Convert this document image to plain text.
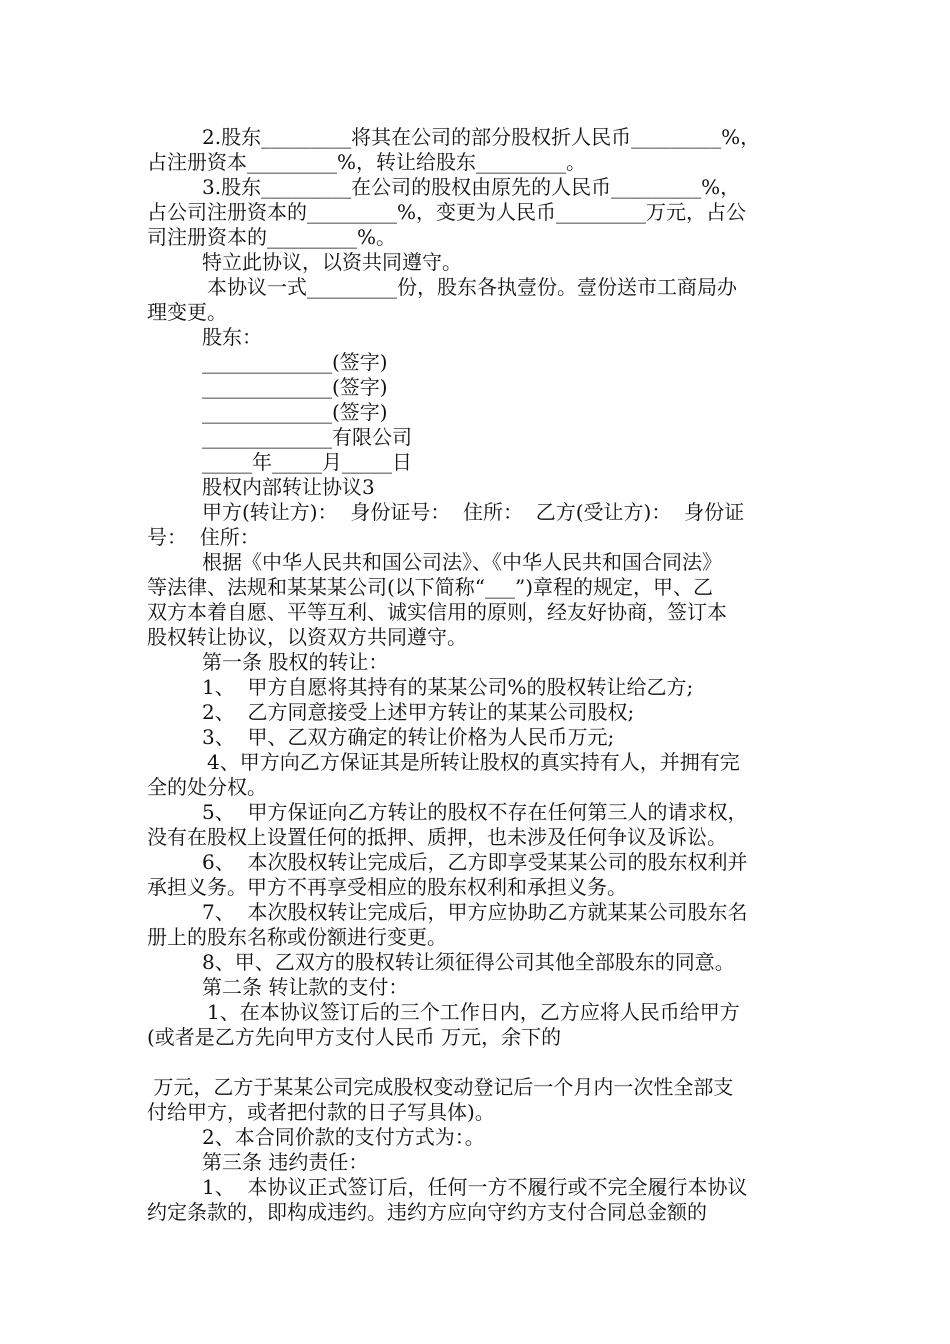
2.股东_________将其在公司的部分股权折人民币_________%，
占注册资本_________%，转让给股东_________。
3.股东_________在公司的股权由原先的人民币_________%，
占公司注册资本的_________%，变更为人民币_________万元，占公
司注册资本的_________%。
特立此协议，以资共同遵守。
本协议一式_________份，股东各执壹份。壹份送市工商局办
理变更。
股东：
_____________(签字)
_____________(签字)
_____________(签字)
_____________有限公司
_____年_____月_____日
股权内部转让协议3
甲方(转让方)：  身份证号：  住所：  乙方(受让方)：  身份证
号：  住所：
根据《中华人民共和国公司法》、《中华人民共和国合同法》
等法律、法规和某某某公司(以下简称“___”)章程的规定，甲、乙
双方本着自愿、平等互利、诚实信用的原则，经友好协商，签订本
股权转让协议，以资双方共同遵守。
第一条 股权的转让：
1、  甲方自愿将其持有的某某公司%的股权转让给乙方;
2、  乙方同意接受上述甲方转让的某某公司股权;
3、  甲、乙双方确定的转让价格为人民币万元;
4、甲方向乙方保证其是所转让股权的真实持有人，并拥有完
全的处分权。
5、  甲方保证向乙方转让的股权不存在任何第三人的请求权，
没有在股权上设置任何的抵押、质押，也未涉及任何争议及诉讼。
6、  本次股权转让完成后，乙方即享受某某公司的股东权利并
承担义务。甲方不再享受相应的股东权利和承担义务。
7、  本次股权转让完成后，甲方应协助乙方就某某公司股东名
册上的股东名称或份额进行变更。
8、甲、乙双方的股权转让须征得公司其他全部股东的同意。
第二条 转让款的支付：
1、在本协议签订后的三个工作日内，乙方应将人民币给甲方
(或者是乙方先向甲方支付人民币 万元，余下的
万元，乙方于某某公司完成股权变动登记后一个月内一次性全部支
付给甲方，或者把付款的日子写具体)。
2、本合同价款的支付方式为：。
第三条 违约责任：
1、  本协议正式签订后，任何一方不履行或不完全履行本协议
约定条款的，即构成违约。违约方应向守约方支付合同总金额的
